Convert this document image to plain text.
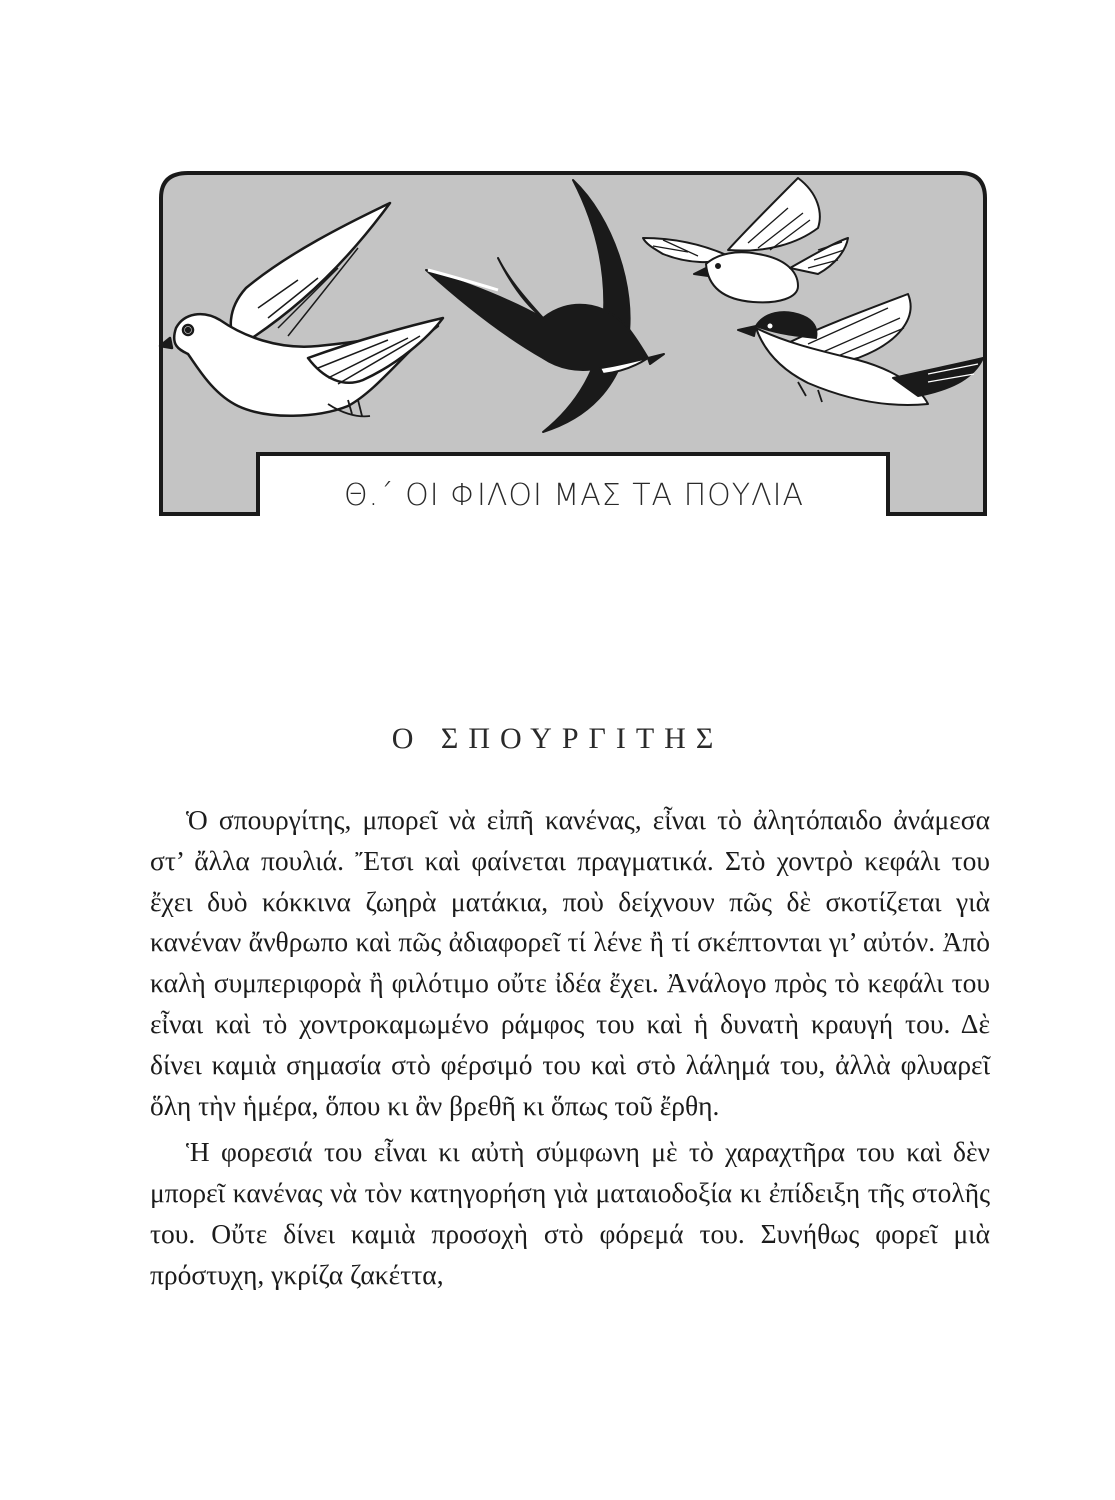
Θ.΄ ΟΙ ΦΙΛΟΙ ΜΑΣ ΤΑ ΠΟΥΛΙΑ
Ο ΣΠΟΥΡΓΙΤΗΣ

Ὁ σπουργίτης, μπορεῖ νὰ εἰπῆ κανένας, εἶναι τὸ ἀλητόπαιδο ἀνάμεσα στ’ ἄλλα πουλιά. Ἔτσι καὶ φαίνεται πραγματικά. Στὸ χοντρὸ κεφάλι του ἔχει δυὸ κόκκινα ζωηρὰ ματάκια, ποὺ δείχνουν πῶς δὲ σκοτίζεται γιὰ κανέναν ἄνθρωπο καὶ πῶς ἀδιαφορεῖ τί λένε ἢ τί σκέπτονται γι’ αὐτόν. Ἀπὸ καλὴ συμπεριφορὰ ἢ φιλότιμο οὔτε ἰδέα ἔχει. Ἀνάλογο πρὸς τὸ κεφάλι του εἶναι καὶ τὸ χοντροκαμωμένο ράμφος του καὶ ἡ δυνατὴ κραυγή του. Δὲ δίνει καμιὰ σημασία στὸ φέρσιμό του καὶ στὸ λάλημά του, ἀλλὰ φλυαρεῖ ὅλη τὴν ἡμέρα, ὅπου κι ἂν βρεθῆ κι ὅπως τοῦ ἔρθη.

Ἡ φορεσιά του εἶναι κι αὐτὴ σύμφωνη μὲ τὸ χαραχτῆρα του καὶ δὲν μπορεῖ κανένας νὰ τὸν κατηγορήση γιὰ ματαιοδοξία κι ἐπίδειξη τῆς στολῆς του. Οὔτε δίνει καμιὰ προσοχὴ στὸ φόρεμά του. Συνήθως φορεῖ μιὰ πρόστυχη, γκρίζα ζακέττα,
